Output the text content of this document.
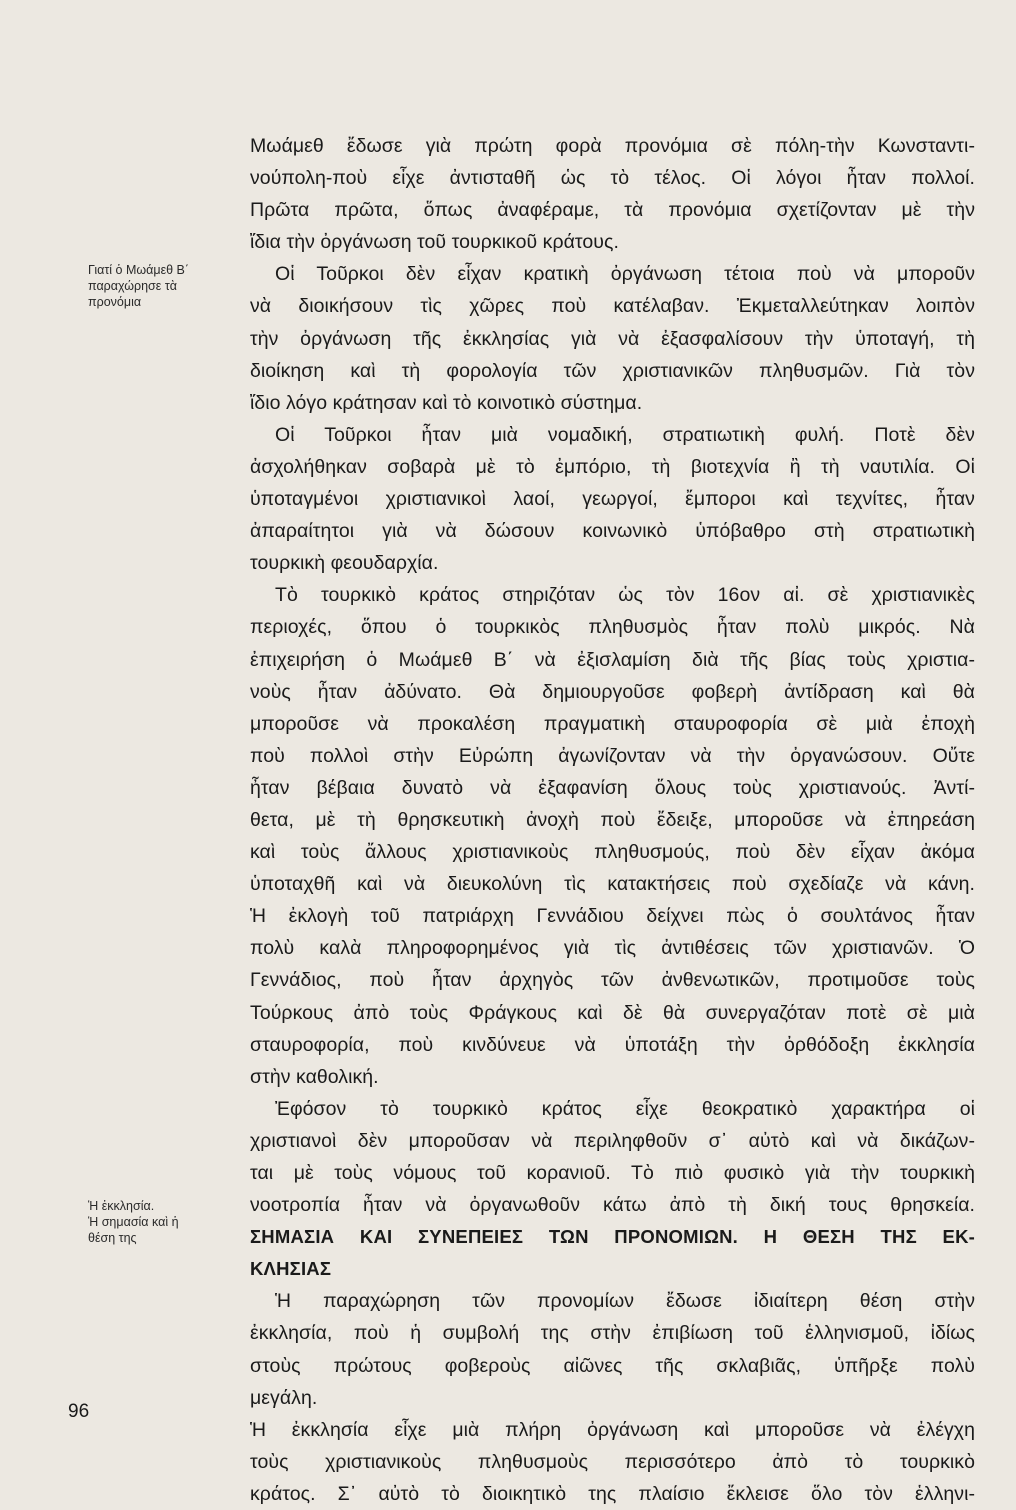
Γιατί ὁ Μωάμεθ Β΄
παραχώρησε τὰ
προνόμια
Ἡ ἐκκλησία.
Ἡ σημασία καὶ ἡ
θέση της
96
Μωάμεθ ἔδωσε γιὰ πρώτη φορὰ προνόμια σὲ πόλη-τὴν Κωνσταντι-
νούπολη-ποὺ εἶχε ἀντισταθῆ ὡς τὸ τέλος. Οἱ λόγοι ἦταν πολλοί.
Πρῶτα πρῶτα, ὅπως ἀναφέραμε, τὰ προνόμια σχετίζονταν μὲ τὴν
ἴδια τὴν ὀργάνωση τοῦ τουρκικοῦ κράτους.
Οἱ Τοῦρκοι δὲν εἶχαν κρατικὴ ὀργάνωση τέτοια ποὺ νὰ μποροῦν
νὰ διοικήσουν τὶς χῶρες ποὺ κατέλαβαν. Ἐκμεταλλεύτηκαν λοιπὸν
τὴν ὀργάνωση τῆς ἐκκλησίας γιὰ νὰ ἐξασφαλίσουν τὴν ὑποταγή, τὴ
διοίκηση καὶ τὴ φορολογία τῶν χριστιανικῶν πληθυσμῶν. Γιὰ τὸν
ἴδιο λόγο κράτησαν καὶ τὸ κοινοτικὸ σύστημα.
Οἱ Τοῦρκοι ἦταν μιὰ νομαδική, στρατιωτικὴ φυλή. Ποτὲ δὲν
ἀσχολήθηκαν σοβαρὰ μὲ τὸ ἐμπόριο, τὴ βιοτεχνία ἢ τὴ ναυτιλία. Οἱ
ὑποταγμένοι χριστιανικοὶ λαοί, γεωργοί, ἔμποροι καὶ τεχνίτες, ἦταν
ἀπαραίτητοι γιὰ νὰ δώσουν κοινωνικὸ ὑπόβαθρο στὴ στρατιωτικὴ
τουρκικὴ φεουδαρχία.
Τὸ τουρκικὸ κράτος στηριζόταν ὡς τὸν 16ον αἰ. σὲ χριστιανικὲς
περιοχές, ὅπου ὁ τουρκικὸς πληθυσμὸς ἦταν πολὺ μικρός. Νὰ
ἐπιχειρήση ὁ Μωάμεθ Β΄ νὰ ἐξισλαμίση διὰ τῆς βίας τοὺς χριστια-
νοὺς ἦταν ἀδύνατο. Θὰ δημιουργοῦσε φοβερὴ ἀντίδραση καὶ θὰ
μποροῦσε νὰ προκαλέση πραγματικὴ σταυροφορία σὲ μιὰ ἐποχὴ
ποὺ πολλοὶ στὴν Εὐρώπη ἀγωνίζονταν νὰ τὴν ὀργανώσουν. Οὔτε
ἦταν βέβαια δυνατὸ νὰ ἐξαφανίση ὅλους τοὺς χριστιανούς. Ἀντί-
θετα, μὲ τὴ θρησκευτικὴ ἀνοχὴ ποὺ ἔδειξε, μποροῦσε νὰ ἐπηρεάση
καὶ τοὺς ἄλλους χριστιανικοὺς πληθυσμούς, ποὺ δὲν εἶχαν ἀκόμα
ὑποταχθῆ καὶ νὰ διευκολύνη τὶς κατακτήσεις ποὺ σχεδίαζε νὰ κάνη.
Ἡ ἐκλογὴ τοῦ πατριάρχη Γεννάδιου δείχνει πὼς ὁ σουλτάνος ἦταν
πολὺ καλὰ πληροφορημένος γιὰ τὶς ἀντιθέσεις τῶν χριστιανῶν. Ὁ
Γεννάδιος, ποὺ ἦταν ἀρχηγὸς τῶν ἀνθενωτικῶν, προτιμοῦσε τοὺς
Τούρκους ἀπὸ τοὺς Φράγκους καὶ δὲ θὰ συνεργαζόταν ποτὲ σὲ μιὰ
σταυροφορία, ποὺ κινδύνευε νὰ ὑποτάξη τὴν ὀρθόδοξη ἐκκλησία
στὴν καθολική.
Ἐφόσον τὸ τουρκικὸ κράτος εἶχε θεοκρατικὸ χαρακτήρα οἱ
χριστιανοὶ δὲν μποροῦσαν νὰ περιληφθοῦν σ᾽ αὐτὸ καὶ νὰ δικάζων-
ται μὲ τοὺς νόμους τοῦ κορανιοῦ. Τὸ πιὸ φυσικὸ γιὰ τὴν τουρκικὴ
νοοτροπία ἦταν νὰ ὀργανωθοῦν κάτω ἀπὸ τὴ δική τους θρησκεία.
ΣΗΜΑΣΙΑ ΚΑΙ ΣΥΝΕΠΕΙΕΣ ΤΩΝ ΠΡΟΝΟΜΙΩΝ. Η ΘΕΣΗ ΤΗΣ ΕΚ-
ΚΛΗΣΙΑΣ
Ἡ παραχώρηση τῶν προνομίων ἔδωσε ἰδιαίτερη θέση στὴν
ἐκκλησία, ποὺ ἡ συμβολή της στὴν ἐπιβίωση τοῦ ἑλληνισμοῦ, ἰδίως
στοὺς πρώτους φοβεροὺς αἰῶνες τῆς σκλαβιᾶς, ὑπῆρξε πολὺ
μεγάλη.
Ἡ ἐκκλησία εἶχε μιὰ πλήρη ὀργάνωση καὶ μποροῦσε νὰ ἐλέγχη
τοὺς χριστιανικοὺς πληθυσμοὺς περισσότερο ἀπὸ τὸ τουρκικὸ
κράτος. Σ᾽ αὐτὸ τὸ διοικητικὸ της πλαίσιο ἔκλεισε ὅλο τὸν ἑλληνι-
